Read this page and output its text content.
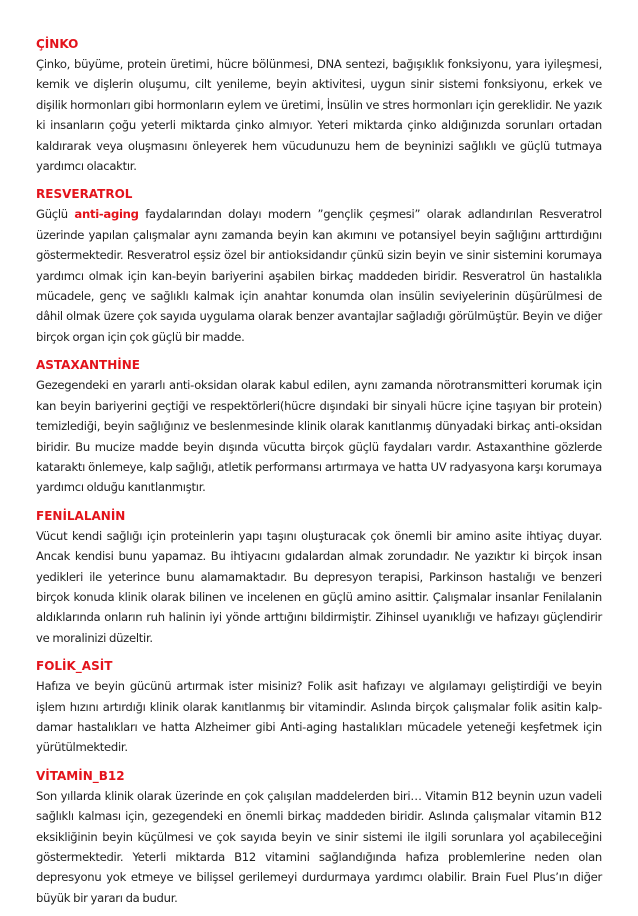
ÇİNKO

Çinko, büyüme, protein üretimi, hücre bölünmesi, DNA sentezi, bağışıklık fonksiyonu, yara iyileşmesi, kemik ve dişlerin oluşumu, cilt yenileme, beyin aktivitesi, uygun sinir sistemi fonksiyonu, erkek ve dişilik hormonları gibi hormonların eylem ve üretimi, İnsülin ve stres hormonları için gereklidir. Ne yazık ki insanların çoğu yeterli miktarda çinko almıyor. Yeteri miktarda çinko aldığınızda sorunları ortadan kaldırarak veya oluşmasını önleyerek hem vücudunuzu hem de beyninizi sağlıklı ve güçlü tutmaya yardımcı olacaktır.

RESVERATROL

Güçlü anti-aging faydalarından dolayı modern ”gençlik çeşmesi” olarak adlandırılan Resveratrol üzerinde yapılan çalışmalar aynı zamanda beyin kan akımını ve potansiyel beyin sağlığını arttırdığını göstermektedir. Resveratrol eşsiz özel bir antioksidandır çünkü sizin beyin ve sinir sistemini korumaya yardımcı olmak için kan-beyin bariyerini aşabilen birkaç maddeden biridir. Resveratrol ün hastalıkla mücadele, genç ve sağlıklı kalmak için anahtar konumda olan insülin seviyelerinin düşürülmesi de dâhil olmak üzere çok sayıda uygulama olarak benzer avantajlar sağladığı görülmüştür. Beyin ve diğer birçok organ için çok güçlü bir madde.

ASTAXANTHİNE

Gezegendeki en yararlı anti-oksidan olarak kabul edilen, aynı zamanda nörotransmitteri korumak için kan beyin bariyerini geçtiği ve respektörleri(hücre dışındaki bir sinyali hücre içine taşıyan bir protein) temizlediği, beyin sağlığınız ve beslenmesinde klinik olarak kanıtlanmış dünyadaki birkaç anti-oksidan biridir. Bu mucize madde beyin dışında vücutta birçok güçlü faydaları vardır. Astaxanthine gözlerde kataraktı önlemeye, kalp sağlığı, atletik performansı artırmaya ve hatta UV radyasyona karşı korumaya yardımcı olduğu kanıtlanmıştır.

FENİLALANİN

Vücut kendi sağlığı için proteinlerin yapı taşını oluşturacak çok önemli bir amino asite ihtiyaç duyar. Ancak kendisi bunu yapamaz. Bu ihtiyacını gıdalardan almak zorundadır. Ne yazıktır ki birçok insan yedikleri ile yeterince bunu alamamaktadır. Bu depresyon terapisi, Parkinson hastalığı ve benzeri birçok konuda klinik olarak bilinen ve incelenen en güçlü amino asittir. Çalışmalar insanlar Fenilalanin aldıklarında onların ruh halinin iyi yönde arttığını bildirmiştir. Zihinsel uyanıklığı ve hafızayı güçlendirir ve moralinizi düzeltir.

FOLİK_ASİT

Hafıza ve beyin gücünü artırmak ister misiniz? Folik asit hafızayı ve algılamayı geliştirdiği ve beyin işlem hızını artırdığı klinik olarak kanıtlanmış bir vitamindir. Aslında birçok çalışmalar folik asitin kalp-damar hastalıkları ve hatta Alzheimer gibi Anti-aging hastalıkları mücadele yeteneği keşfetmek için yürütülmektedir.

VİTAMİN_B12

Son yıllarda klinik olarak üzerinde en çok çalışılan maddelerden biri… Vitamin B12 beynin uzun vadeli sağlıklı kalması için, gezegendeki en önemli birkaç maddeden biridir. Aslında çalışmalar vitamin B12 eksikliğinin beyin küçülmesi ve çok sayıda beyin ve sinir sistemi ile ilgili sorunlara yol açabileceğini göstermektedir. Yeterli miktarda B12 vitamini sağlandığında hafıza problemlerine neden olan depresyonu yok etmeye ve bilişsel gerilemeyi durdurmaya yardımcı olabilir. Brain Fuel Plus’ın diğer büyük bir yararı da budur.
